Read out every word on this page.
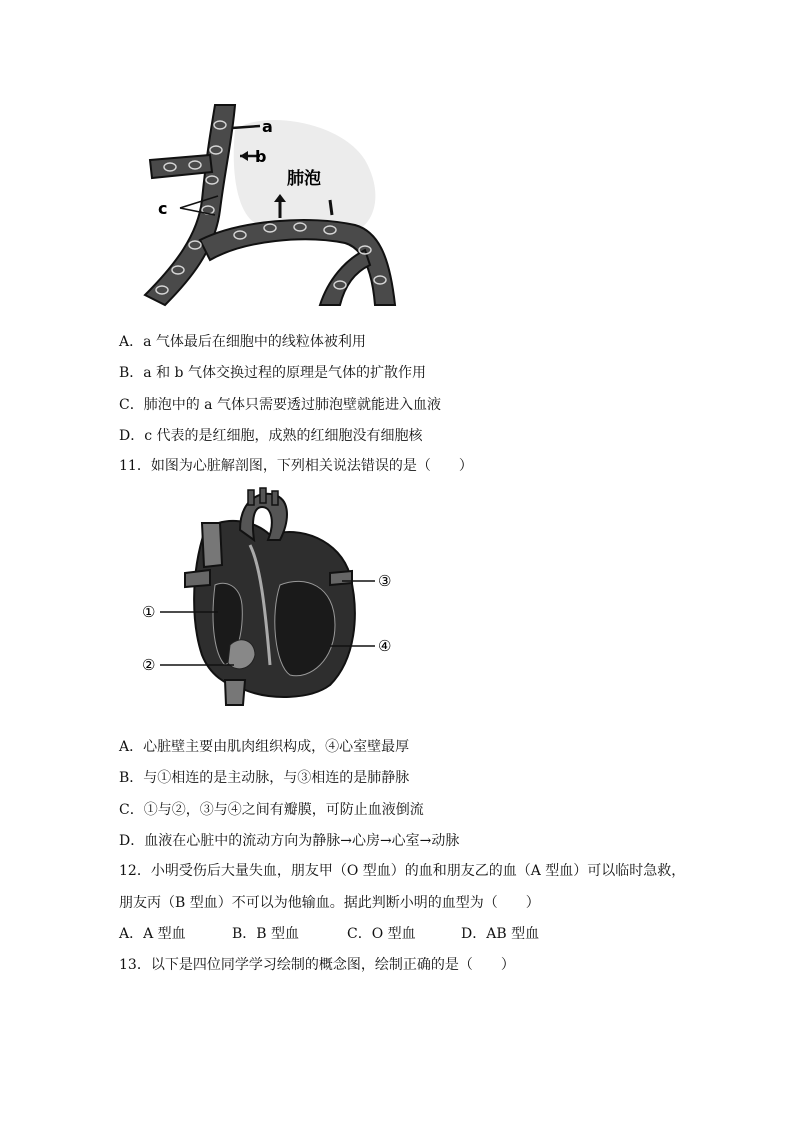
a
b
c
肺泡
A．a 气体最后在细胞中的线粒体被利用
B．a 和 b 气体交换过程的原理是气体的扩散作用
C．肺泡中的 a 气体只需要透过肺泡壁就能进入血液
D．c 代表的是红细胞，成熟的红细胞没有细胞核
11．如图为心脏解剖图，下列相关说法错误的是（　　）
①
②
③
④
A．心脏壁主要由肌肉组织构成，④心室壁最厚
B．与①相连的是主动脉，与③相连的是肺静脉
C．①与②，③与④之间有瓣膜，可防止血液倒流
D．血液在心脏中的流动方向为静脉→心房→心室→动脉
12．小明受伤后大量失血，朋友甲（O 型血）的血和朋友乙的血（A 型血）可以临时急救，
朋友丙（B 型血）不可以为他输血。据此判断小明的血型为（　　）
A．A 型血	B．B 型血	C．O 型血	D．AB 型血
13．以下是四位同学学习绘制的概念图，绘制正确的是（　　）
